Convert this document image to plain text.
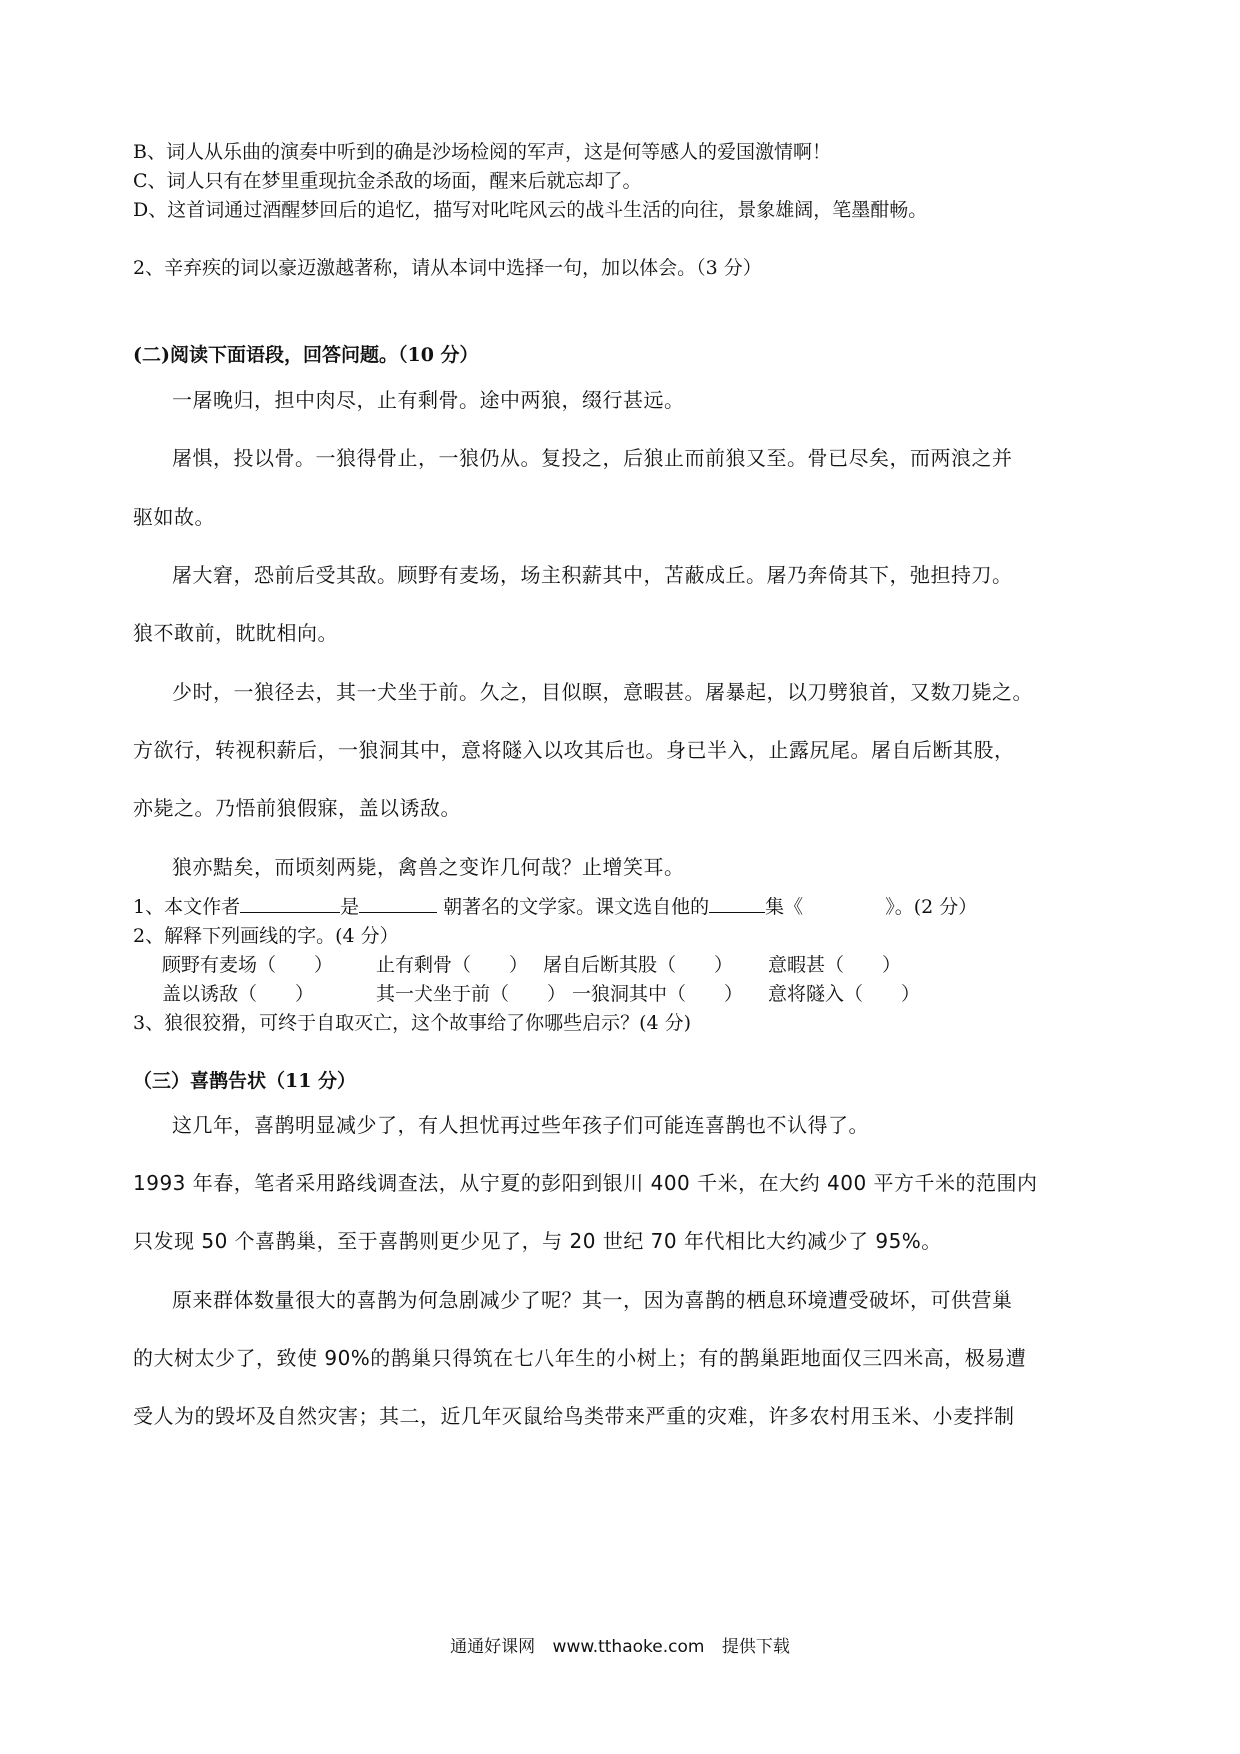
B、词人从乐曲的演奏中听到的确是沙场检阅的军声，这是何等感人的爱国激情啊！
C、词人只有在梦里重现抗金杀敌的场面，醒来后就忘却了。
D、这首词通过酒醒梦回后的追忆，描写对叱咤风云的战斗生活的向往，景象雄阔，笔墨酣畅。
2、辛弃疾的词以豪迈激越著称，请从本词中选择一句，加以体会。（3 分）
(二)阅读下面语段，回答问题。（10 分）
一屠晚归，担中肉尽，止有剩骨。途中两狼，缀行甚远。
屠惧，投以骨。一狼得骨止，一狼仍从。复投之，后狼止而前狼又至。骨已尽矣，而两浪之并
驱如故。
屠大窘，恐前后受其敌。顾野有麦场，场主积薪其中，苫蔽成丘。屠乃奔倚其下，弛担持刀。
狼不敢前，眈眈相向。
少时，一狼径去，其一犬坐于前。久之，目似瞑，意暇甚。屠暴起，以刀劈狼首，又数刀毙之。
方欲行，转视积薪后，一狼洞其中，意将隧入以攻其后也。身已半入，止露尻尾。屠自后断其股，
亦毙之。乃悟前狼假寐，盖以诱敌。
狼亦黠矣，而顷刻两毙，禽兽之变诈几何哉？止增笑耳。
1、本文作者	是	朝著名的文学家。课文选自他的	集《	》。(2 分）
2、解释下列画线的字。(4 分）
顾野有麦场（　　） 止有剩骨（　　） 屠自后断其股（　　） 意暇甚（　　）
盖以诱敌（　　）	其一犬坐于前（　　） 一狼洞其中（　　） 意将隧入（　　）
3、狼很狡猾，可终于自取灭亡，这个故事给了你哪些启示？(4 分)
（三）喜鹊告状（11 分）
这几年，喜鹊明显减少了，有人担忧再过些年孩子们可能连喜鹊也不认得了。
1993 年春，笔者采用路线调查法，从宁夏的彭阳到银川 400 千米，在大约 400 平方千米的范围内
只发现 50 个喜鹊巢，至于喜鹊则更少见了，与 20 世纪 70 年代相比大约减少了 95%。
原来群体数量很大的喜鹊为何急剧减少了呢？其一，因为喜鹊的栖息环境遭受破坏，可供营巢
的大树太少了，致使 90%的鹊巢只得筑在七八年生的小树上；有的鹊巢距地面仅三四米高，极易遭
受人为的毁坏及自然灾害；其二，近几年灭鼠给鸟类带来严重的灾难，许多农村用玉米、小麦拌制
通通好课网 www.tthaoke.com 提供下载
